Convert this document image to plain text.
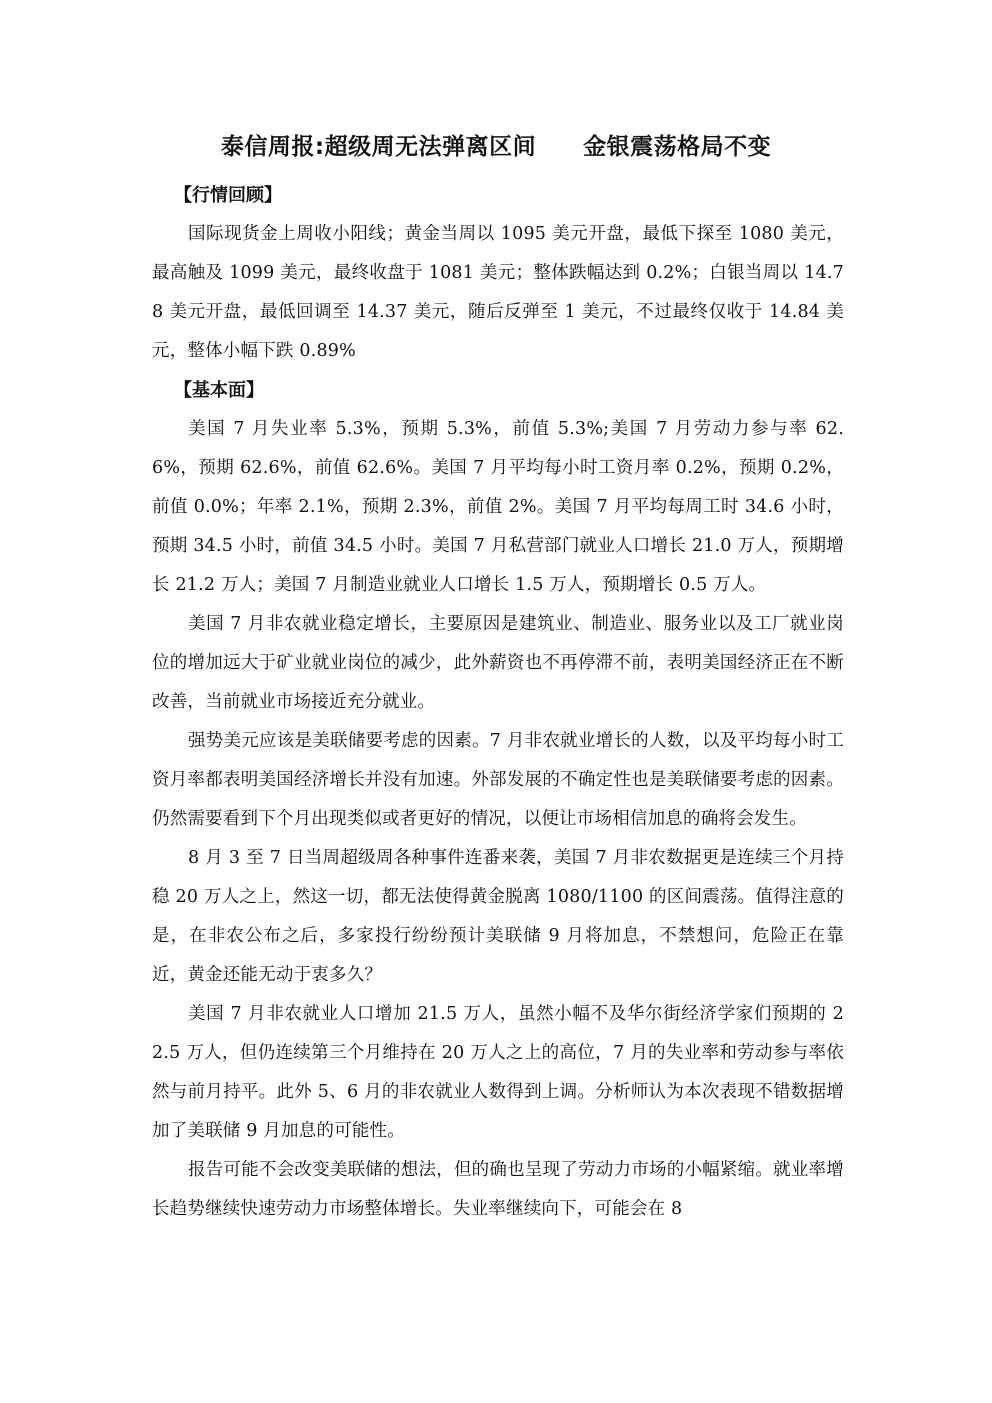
泰信周报:超级周无法弹离区间　　金银震荡格局不变

【行情回顾】

国际现货金上周收小阳线；黄金当周以 1095 美元开盘，最低下探至 1080 美元，最高触及 1099 美元，最终收盘于 1081 美元；整体跌幅达到 0.2%；白银当周以 14.78 美元开盘，最低回调至 14.37 美元，随后反弹至 1 美元，不过最终仅收于 14.84 美元，整体小幅下跌 0.89%

【基本面】

美国 7 月失业率 5.3%，预期 5.3%，前值 5.3%;美国 7 月劳动力参与率 62.6%，预期 62.6%，前值 62.6%。美国 7 月平均每小时工资月率 0.2%，预期 0.2%，前值 0.0%；年率 2.1%，预期 2.3%，前值 2%。美国 7 月平均每周工时 34.6 小时，预期 34.5 小时，前值 34.5 小时。美国 7 月私营部门就业人口增长 21.0 万人，预期增长 21.2 万人；美国 7 月制造业就业人口增长 1.5 万人，预期增长 0.5 万人。

美国 7 月非农就业稳定增长，主要原因是建筑业、制造业、服务业以及工厂就业岗位的增加远大于矿业就业岗位的减少，此外薪资也不再停滞不前，表明美国经济正在不断改善，当前就业市场接近充分就业。

强势美元应该是美联储要考虑的因素。7 月非农就业增长的人数，以及平均每小时工资月率都表明美国经济增长并没有加速。外部发展的不确定性也是美联储要考虑的因素。仍然需要看到下个月出现类似或者更好的情况，以便让市场相信加息的确将会发生。

8 月 3 至 7 日当周超级周各种事件连番来袭，美国 7 月非农数据更是连续三个月持稳 20 万人之上，然这一切，都无法使得黄金脱离 1080/1100 的区间震荡。值得注意的是，在非农公布之后，多家投行纷纷预计美联储 9 月将加息，不禁想问，危险正在靠近，黄金还能无动于衷多久？

美国 7 月非农就业人口增加 21.5 万人，虽然小幅不及华尔街经济学家们预期的 22.5 万人，但仍连续第三个月维持在 20 万人之上的高位，7 月的失业率和劳动参与率依然与前月持平。此外 5、6 月的非农就业人数得到上调。分析师认为本次表现不错数据增加了美联储 9 月加息的可能性。

报告可能不会改变美联储的想法，但的确也呈现了劳动力市场的小幅紧缩。就业率增长趋势继续快速劳动力市场整体增长。失业率继续向下，可能会在 8
